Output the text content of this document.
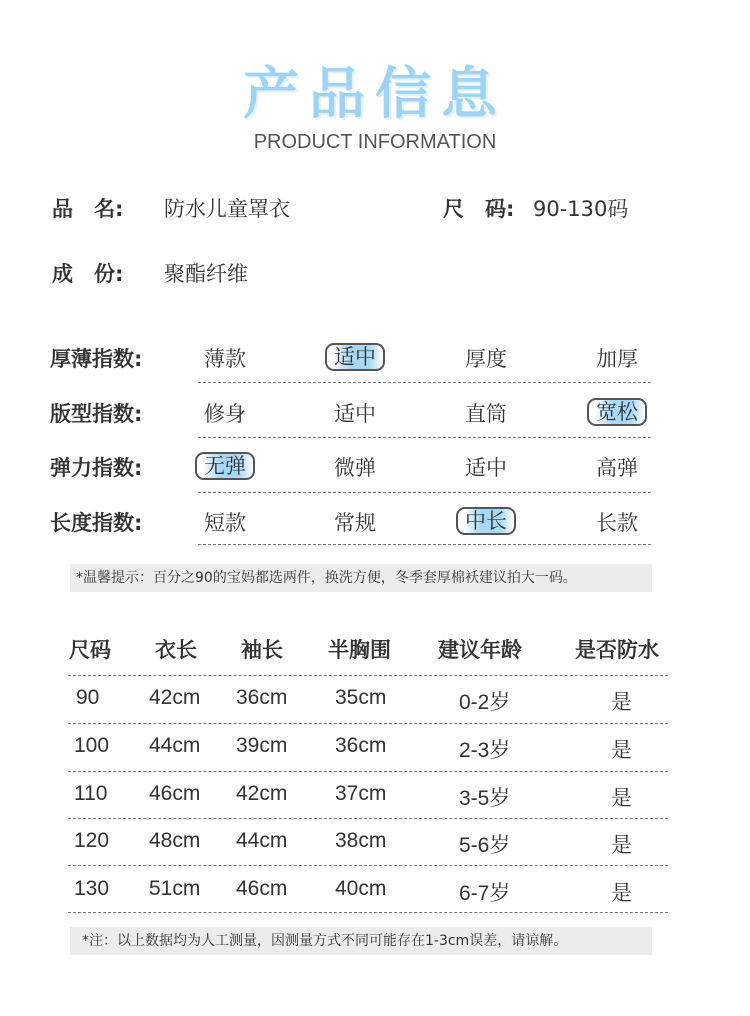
产品信息
PRODUCT INFORMATION
品　名: 防水儿童罩衣	尺　码: 90-130码
成　份: 聚酯纤维
厚薄指数:	薄款	适中	厚度	加厚
版型指数:	修身	适中	直筒	宽松
弹力指数:	无弹	微弹	适中	高弹
长度指数:	短款	常规	中长	长款
*温馨提示：百分之90的宝妈都选两件，换洗方便，冬季套厚棉袄建议拍大一码。
尺码 衣长 袖长 半胸围 建议年龄	是否防水
90 42cm 36cm 35cm	0-2岁	是
100 44cm 39cm 36cm	2-3岁	是
110 46cm 42cm 37cm	3-5岁	是
120 48cm 44cm 38cm	5-6岁	是
130 51cm 46cm 40cm	6-7岁	是
*注：以上数据均为人工测量，因测量方式不同可能存在1-3cm误差，请谅解。
